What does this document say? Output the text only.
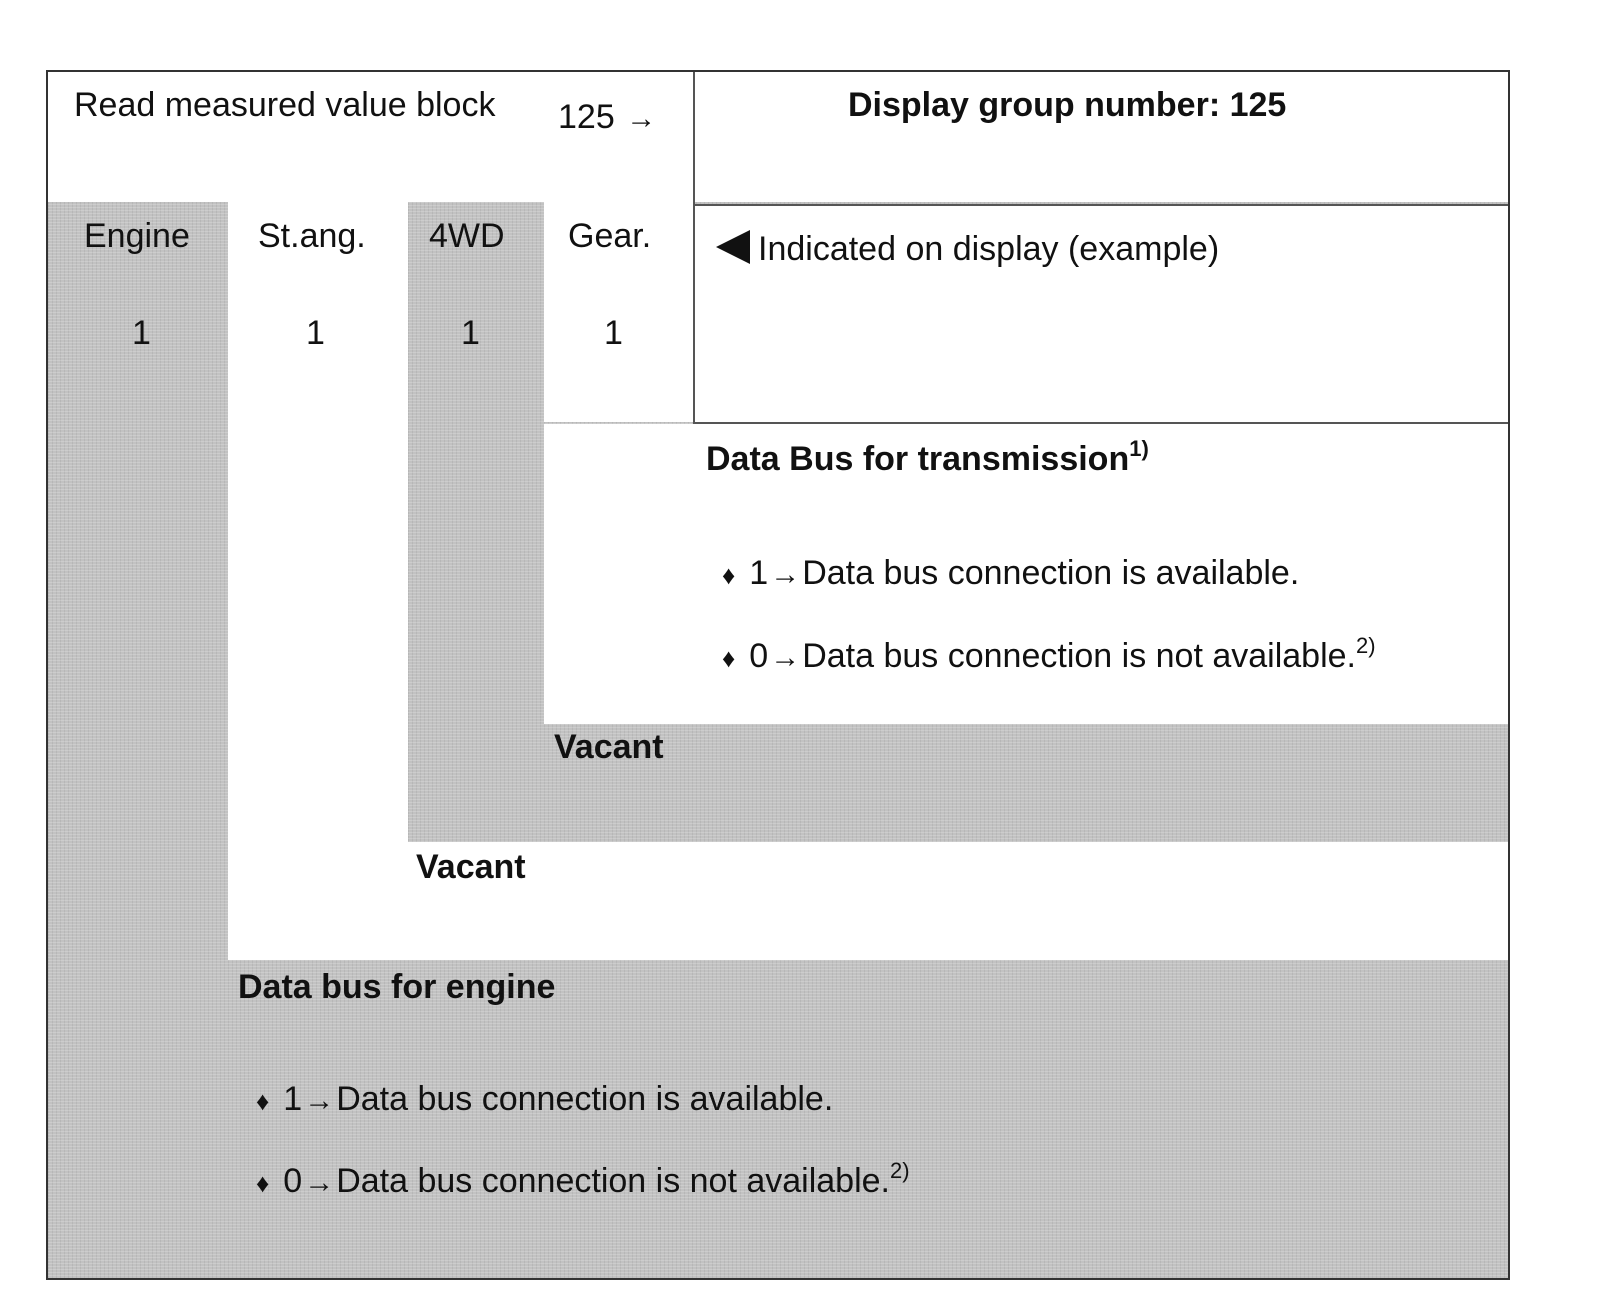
Read measured value block 125 →	Display group number: 125
Engine St.ang. 4WD Gear.
1	1	1	1
Indicated on display (example)
Data Bus for transmission$^{1)}$
♦ 1→Data bus connection is available.
♦ 0→Data bus connection is not available.$^{2)}$
Vacant
Vacant
Data bus for engine
♦ 1→Data bus connection is available.
♦ 0→Data bus connection is not available.$^{2)}$
